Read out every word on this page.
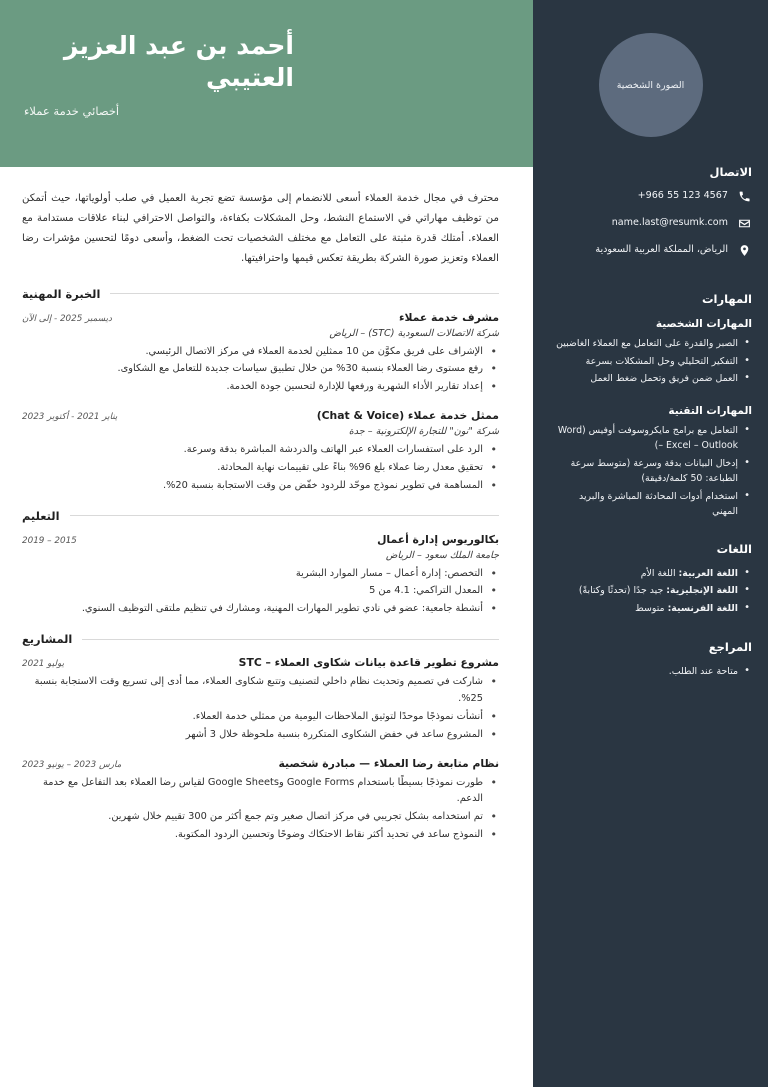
الصورة الشخصية
الاتصال
+966 55 123 4567
name.last@resumk.com
الرياض، المملكة العربية السعودية
المهارات
المهارات الشخصية
• الصبر والقدرة على التعامل مع العملاء الغاضبين
• التفكير التحليلي وحل المشكلات بسرعة
• العمل ضمن فريق وتحمل ضغط العمل
المهارات التقنية
• التعامل مع برامج مايكروسوفت أوفيس (Word – Excel – Outlook)
• إدخال البيانات بدقة وسرعة (متوسط سرعة الطباعة: 50 كلمة/دقيقة)
• استخدام أدوات المحادثة المباشرة والبريد المهني
اللغات
• اللغة العربية: اللغة الأم
• اللغة الإنجليزية: جيد جدًا (تحدثًا وكتابةً)
• اللغة الفرنسية: متوسط
المراجع
• متاحة عند الطلب.
أحمد بن عبد العزيز العتيبي
أخصائي خدمة عملاء

محترف في مجال خدمة العملاء أسعى للانضمام إلى مؤسسة تضع تجربة العميل في صلب أولوياتها، حيث أتمكن من توظيف مهاراتي في الاستماع النشط، وحل المشكلات بكفاءة، والتواصل الاحترافي لبناء علاقات مستدامة مع العملاء. أمتلك قدرة مثبتة على التعامل مع مختلف الشخصيات تحت الضغط، وأسعى دومًا لتحسين مؤشرات رضا العملاء وتعزيز صورة الشركة بطريقة تعكس قيمها واحترافيتها.

الخبرة المهنية
مشرف خدمة عملاء
ديسمبر 2025 - إلى الآن
شركة الاتصالات السعودية (STC) – الرياض
• الإشراف على فريق مكوَّن من 10 ممثلين لخدمة العملاء في مركز الاتصال الرئيسي.
• رفع مستوى رضا العملاء بنسبة 30% من خلال تطبيق سياسات جديدة للتعامل مع الشكاوى.
• إعداد تقارير الأداء الشهرية ورفعها للإدارة لتحسين جودة الخدمة.
ممثل خدمة عملاء (Chat & Voice)
يناير 2021 - أكتوبر 2023
شركة "نون" للتجارة الإلكترونية – جدة
• الرد على استفسارات العملاء عبر الهاتف والدردشة المباشرة بدقة وسرعة.
• تحقيق معدل رضا عملاء بلغ 96% بناءً على تقييمات نهاية المحادثة.
• المساهمة في تطوير نموذج موحّد للردود خفّض من وقت الاستجابة بنسبة 20%.
التعليم
بكالوريوس إدارة أعمال
2015 – 2019
جامعة الملك سعود – الرياض
• التخصص: إدارة أعمال – مسار الموارد البشرية
• المعدل التراكمي: 4.1 من 5
• أنشطة جامعية: عضو في نادي تطوير المهارات المهنية، ومشارك في تنظيم ملتقى التوظيف السنوي.
المشاريع
مشروع تطوير قاعدة بيانات شكاوى العملاء – STC
يوليو 2021
• شاركت في تصميم وتحديث نظام داخلي لتصنيف وتتبع شكاوى العملاء، مما أدى إلى تسريع وقت الاستجابة بنسبة 25%.
• أنشأت نموذجًا موحدًا لتوثيق الملاحظات اليومية من ممثلي خدمة العملاء.
• المشروع ساعد في خفض الشكاوى المتكررة بنسبة ملحوظة خلال 3 أشهر
نظام متابعة رضا العملاء — مبادرة شخصية
مارس 2023 – يونيو 2023
• طورت نموذجًا بسيطًا باستخدام Google Forms وGoogle Sheets لقياس رضا العملاء بعد التفاعل مع خدمة الدعم.
• تم استخدامه بشكل تجريبي في مركز اتصال صغير وتم جمع أكثر من 300 تقييم خلال شهرين.
• النموذج ساعد في تحديد أكثر نقاط الاحتكاك وضوحًا وتحسين الردود المكتوبة.
